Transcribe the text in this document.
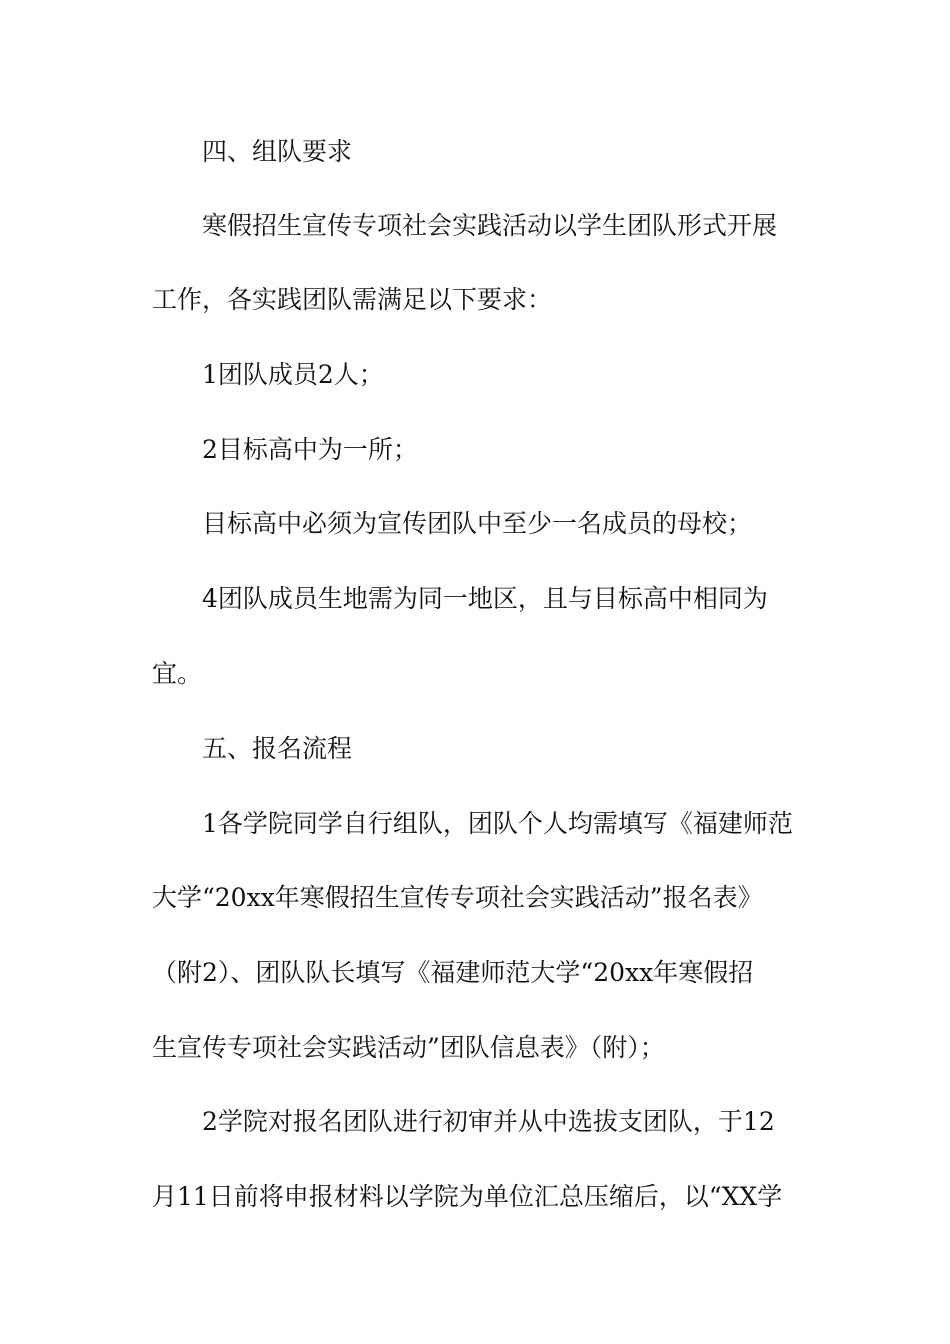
四、组队要求
寒假招生宣传专项社会实践活动以学生团队形式开展
工作，各实践团队需满足以下要求：
1团队成员2人；
2目标高中为一所；
目标高中必须为宣传团队中至少一名成员的母校；
4团队成员生地需为同一地区，且与目标高中相同为
宜。
五、报名流程
1各学院同学自行组队，团队个人均需填写《福建师范
大学“20xx年寒假招生宣传专项社会实践活动”报名表》
（附2）、团队队长填写《福建师范大学“20xx年寒假招
生宣传专项社会实践活动”团队信息表》（附）；
2学院对报名团队进行初审并从中选拔支团队，于12
月11日前将申报材料以学院为单位汇总压缩后，以“XX学
